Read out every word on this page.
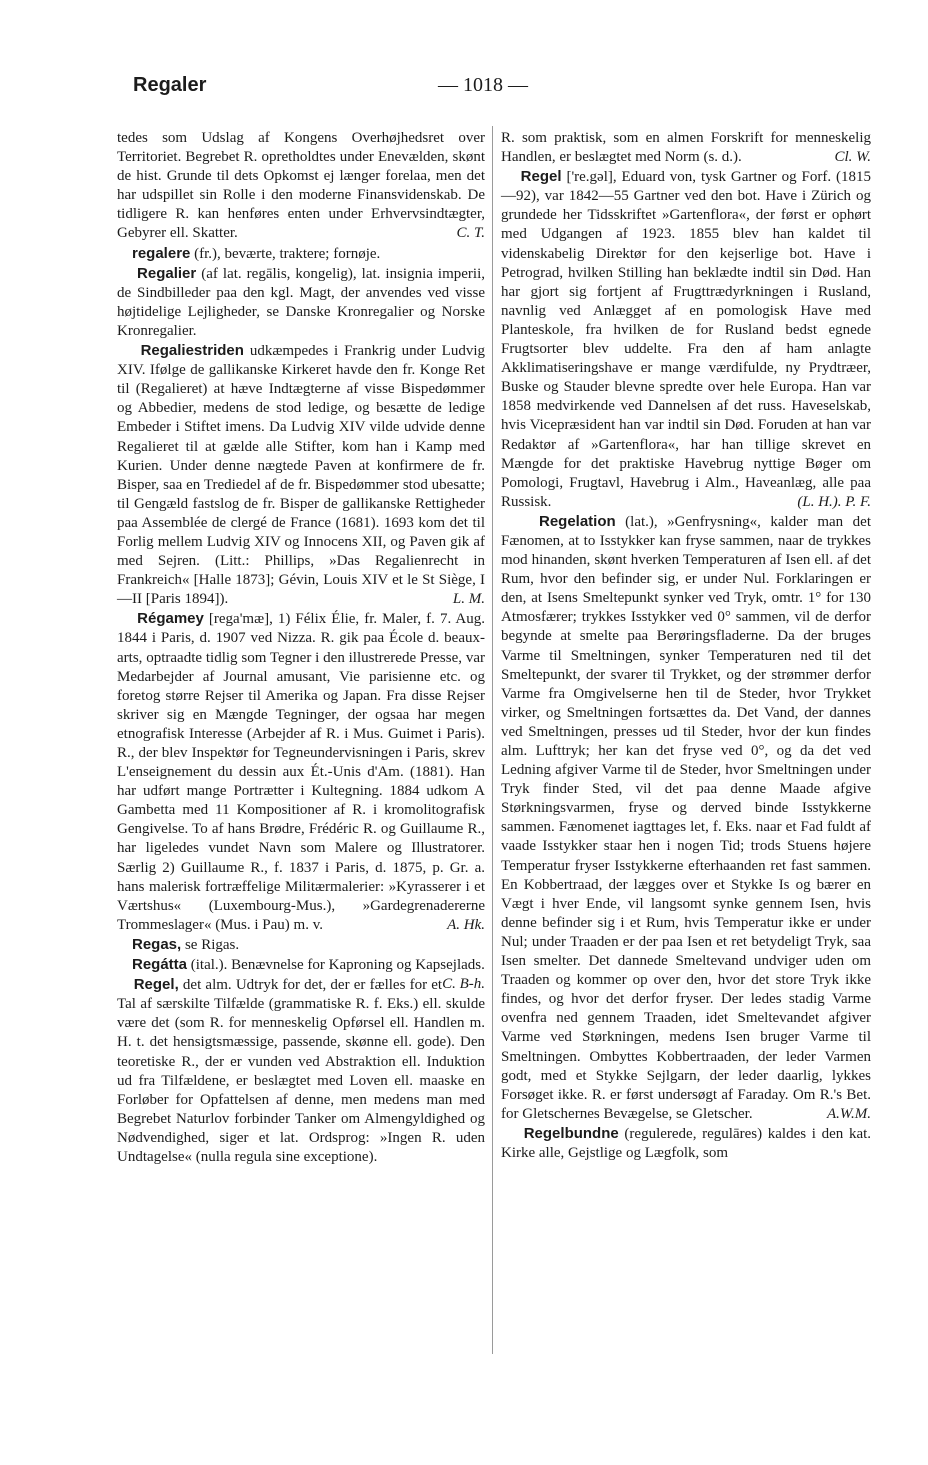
Regaler	— 1018 —

tedes som Udslag af Kongens Overhøjhedsret over Territoriet. Begrebet R. opretholdtes under Enevælden, skønt de hist. Grunde til dets Opkomst ej længer forelaa, men det har udspillet sin Rolle i den moderne Finansvidenskab. De tidligere R. kan henføres enten under Erhvervsindtægter, Gebyrer ell. Skatter.	C. T.

regalere (fr.), beværte, traktere; fornøje.

Regalier (af lat. regālis, kongelig), lat. insignia imperii, de Sindbilleder paa den kgl. Magt, der anvendes ved visse højtidelige Lejligheder, se Danske Kronregalier og Norske Kronregalier.

Regaliestriden udkæmpedes i Frankrig under Ludvig XIV. Ifølge de gallikanske Kirkeret havde den fr. Konge Ret til (Regalieret) at hæve Indtægterne af visse Bispedømmer og Abbedier, medens de stod ledige, og besætte de ledige Embeder i Stiftet imens. Da Ludvig XIV vilde udvide denne Regalieret til at gælde alle Stifter, kom han i Kamp med Kurien. Under denne nægtede Paven at konfirmere de fr. Bisper, saa en Trediedel af de fr. Bispedømmer stod ubesatte; til Gengæld fastslog de fr. Bisper de gallikanske Rettigheder paa Assemblée de clergé de France (1681). 1693 kom det til Forlig mellem Ludvig XIV og Innocens XII, og Paven gik af med Sejren. (Litt.: Phillips, »Das Regalienrecht in Frankreich« [Halle 1873]; Gévin, Louis XIV et le St Siège, I—II [Paris 1894]).	L. M.

Régamey [rega'mæ], 1) Félix Élie, fr. Maler, f. 7. Aug. 1844 i Paris, d. 1907 ved Nizza. R. gik paa École d. beaux-arts, optraadte tidlig som Tegner i den illustrerede Presse, var Medarbejder af Journal amusant, Vie parisienne etc. og foretog større Rejser til Amerika og Japan. Fra disse Rejser skriver sig en Mængde Tegninger, der ogsaa har megen etnografisk Interesse (Arbejder af R. i Mus. Guimet i Paris). R., der blev Inspektør for Tegneundervisningen i Paris, skrev L'enseignement du dessin aux Ét.-Unis d'Am. (1881). Han har udført mange Portrætter i Kultegning. 1884 udkom A Gambetta med 11 Kompositioner af R. i kromolitografisk Gengivelse. To af hans Brødre, Frédéric R. og Guillaume R., har ligeledes vundet Navn som Malere og Illustratorer. Særlig 2) Guillaume R., f. 1837 i Paris, d. 1875, p. Gr. a. hans malerisk fortræffelige Militærmalerier: »Kyrasserer i et Værtshus« (Luxembourg-Mus.), »Gardegrenadererne Trommeslager« (Mus. i Pau) m. v.	A. Hk.

Regas, se Rigas.

Regátta (ital.). Benævnelse for Kaproning og Kapsejlads.
C. B-h.

Regel, det alm. Udtryk for det, der er fælles for et Tal af særskilte Tilfælde (grammatiske R. f. Eks.) ell. skulde være det (som R. for menneskelig Opførsel ell. Handlen m. H. t. det hensigtsmæssige, passende, skønne ell. gode). Den teoretiske R., der er vunden ved Abstraktion ell. Induktion ud fra Tilfældene, er beslægtet med Loven ell. maaske en Forløber for Opfattelsen af denne, men medens man med Begrebet Naturlov forbinder Tanker om Almengyldighed og Nødvendighed, siger et lat. Ordsprog: »Ingen R. uden Undtagelse« (nulla regula sine exceptione).

R. som praktisk, som en almen Forskrift for menneskelig Handlen, er beslægtet med Norm (s. d.).	Cl. W.

Regel ['re.gəl], Eduard von, tysk Gartner og Forf. (1815—92), var 1842—55 Gartner ved den bot. Have i Zürich og grundede her Tidsskriftet »Gartenflora«, der først er ophørt med Udgangen af 1923. 1855 blev han kaldet til videnskabelig Direktør for den kejserlige bot. Have i Petrograd, hvilken Stilling han beklædte indtil sin Død. Han har gjort sig fortjent af Frugttrædyrkningen i Rusland, navnlig ved Anlægget af en pomologisk Have med Planteskole, fra hvilken de for Rusland bedst egnede Frugtsorter blev uddelte. Fra den af ham anlagte Akklimatiseringshave er mange værdifulde, ny Prydtræer, Buske og Stauder blevne spredte over hele Europa. Han var 1858 medvirkende ved Dannelsen af det russ. Haveselskab, hvis Vicepræsident han var indtil sin Død. Foruden at han var Redaktør af »Gartenflora«, har han tillige skrevet en Mængde for det praktiske Havebrug nyttige Bøger om Pomologi, Frugtavl, Havebrug i Alm., Haveanlæg, alle paa Russisk.	(L. H.). P. F.

Regelation (lat.), »Genfrysning«, kalder man det Fænomen, at to Isstykker kan fryse sammen, naar de trykkes mod hinanden, skønt hverken Temperaturen af Isen ell. af det Rum, hvor den befinder sig, er under Nul. Forklaringen er den, at Isens Smeltepunkt synker ved Tryk, omtr. 1° for 130 Atmosfærer; trykkes Isstykker ved 0° sammen, vil de derfor begynde at smelte paa Berøringsfladerne. Da der bruges Varme til Smeltningen, synker Temperaturen ned til det Smeltepunkt, der svarer til Trykket, og der strømmer derfor Varme fra Omgivelserne hen til de Steder, hvor Trykket virker, og Smeltningen fortsættes da. Det Vand, der dannes ved Smeltningen, presses ud til Steder, hvor der kun findes alm. Lufttryk; her kan det fryse ved 0°, og da det ved Ledning afgiver Varme til de Steder, hvor Smeltningen under Tryk finder Sted, vil det paa denne Maade afgive Størkningsvarmen, fryse og derved binde Isstykkerne sammen. Fænomenet iagttages let, f. Eks. naar et Fad fuldt af vaade Isstykker staar hen i nogen Tid; trods Stuens højere Temperatur fryser Isstykkerne efterhaanden ret fast sammen. En Kobbertraad, der lægges over et Stykke Is og bærer en Vægt i hver Ende, vil langsomt synke gennem Isen, hvis denne befinder sig i et Rum, hvis Temperatur ikke er under Nul; under Traaden er der paa Isen et ret betydeligt Tryk, saa Isen smelter. Det dannede Smeltevand undviger uden om Traaden og kommer op over den, hvor det store Tryk ikke findes, og hvor det derfor fryser. Der ledes stadig Varme ovenfra ned gennem Traaden, idet Smeltevandet afgiver Varme ved Størkningen, medens Isen bruger Varme til Smeltningen. Ombyttes Kobbertraaden, der leder Varmen godt, med et Stykke Sejlgarn, der leder daarlig, lykkes Forsøget ikke. R. er først undersøgt af Faraday. Om R.'s Bet. for Gletschernes Bevægelse, se Gletscher.	A.W.M.

Regelbundne (regulerede, regulāres) kaldes i den kat. Kirke alle, Gejstlige og Lægfolk, som
